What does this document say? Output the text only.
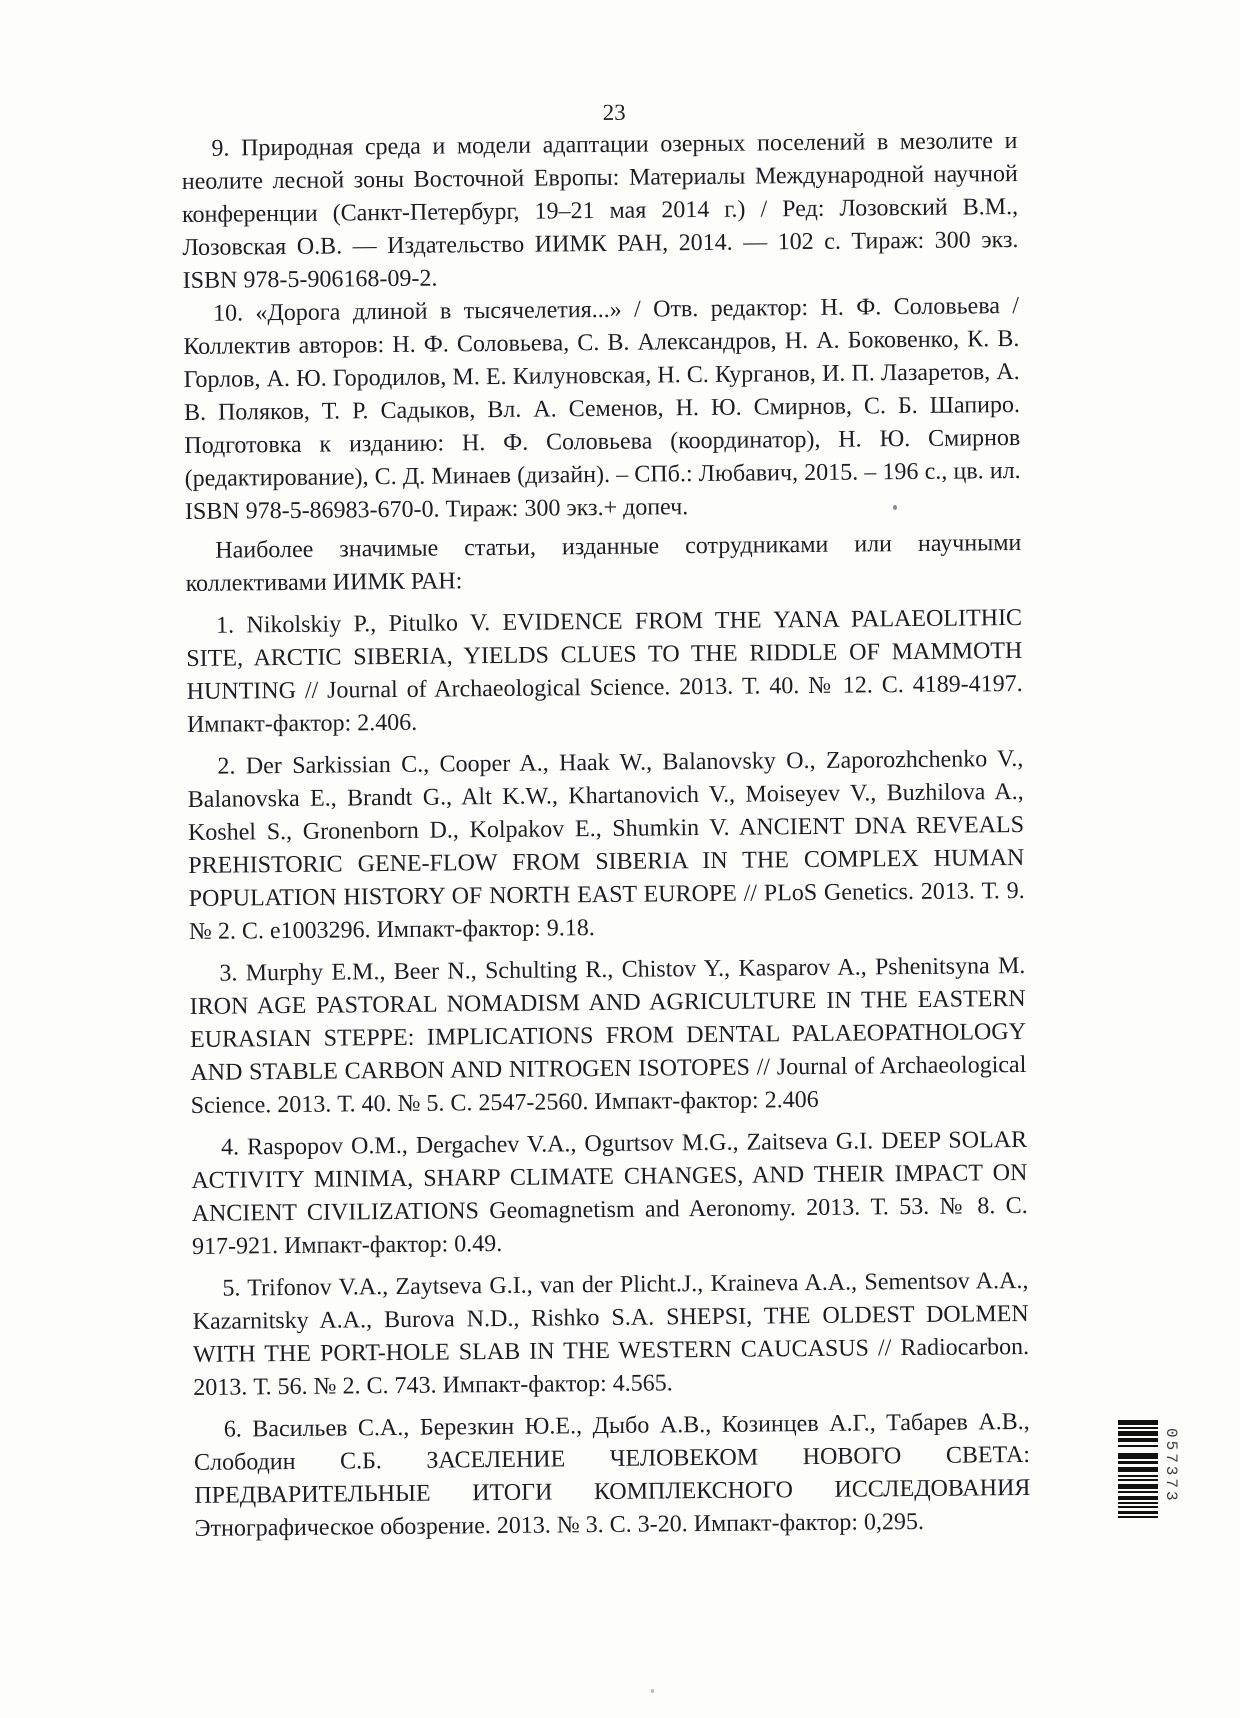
23

9. Природная среда и модели адаптации озерных поселений в мезолите и неолите лесной зоны Восточной Европы: Материалы Международной научной конференции (Санкт-Петербург, 19–21 мая 2014 г.) / Ред: Лозовский В.М., Лозовская О.В. — Издательство ИИМК РАН, 2014. — 102 с. Тираж: 300 экз. ISBN 978-5-906168-09-2.

10. «Дорога длиной в тысячелетия...» / Отв. редактор: Н. Ф. Соловьева / Коллектив авторов: Н. Ф. Соловьева, С. В. Александров, Н. А. Боковенко, К. В. Горлов, А. Ю. Городилов, М. Е. Килуновская, Н. С. Курганов, И. П. Лазаретов, А. В. Поляков, Т. Р. Садыков, Вл. А. Семенов, Н. Ю. Смирнов, С. Б. Шапиро. Подготовка к изданию: Н. Ф. Соловьева (координатор), Н. Ю. Смирнов (редактирование), С. Д. Минаев (дизайн). – СПб.: Любавич, 2015. – 196 с., цв. ил. ISBN 978-5-86983-670-0. Тираж: 300 экз.+ допеч.

Наиболее значимые статьи, изданные сотрудниками или научными коллективами ИИМК РАН:

1. Nikolskiy P., Pitulko V. EVIDENCE FROM THE YANA PALAEOLITHIC SITE, ARCTIC SIBERIA, YIELDS CLUES TO THE RIDDLE OF MAMMOTH HUNTING // Journal of Archaeological Science. 2013. Т. 40. № 12. С. 4189-4197. Импакт-фактор: 2.406.

2. Der Sarkissian C., Cooper A., Haak W., Balanovsky O., Zaporozhchenko V., Balanovska E., Brandt G., Alt K.W., Khartanovich V., Moiseyev V., Buzhilova A., Koshel S., Gronenborn D., Kolpakov E., Shumkin V. ANCIENT DNA REVEALS PREHISTORIC GENE-FLOW FROM SIBERIA IN THE COMPLEX HUMAN POPULATION HISTORY OF NORTH EAST EUROPE // PLoS Genetics. 2013. Т. 9. № 2. С. e1003296. Импакт-фактор: 9.18.

3. Murphy E.M., Beer N., Schulting R., Chistov Y., Kasparov A., Pshenitsyna M. IRON AGE PASTORAL NOMADISM AND AGRICULTURE IN THE EASTERN EURASIAN STEPPE: IMPLICATIONS FROM DENTAL PALAEOPATHOLOGY AND STABLE CARBON AND NITROGEN ISOTOPES // Journal of Archaeological Science. 2013. Т. 40. № 5. С. 2547-2560. Импакт-фактор: 2.406

4. Raspopov O.M., Dergachev V.A., Ogurtsov M.G., Zaitseva G.I. DEEP SOLAR ACTIVITY MINIMA, SHARP CLIMATE CHANGES, AND THEIR IMPACT ON ANCIENT CIVILIZATIONS Geomagnetism and Aeronomy. 2013. Т. 53. № 8. С. 917-921. Импакт-фактор: 0.49.

5. Trifonov V.A., Zaytseva G.I., van der Plicht.J., Kraineva A.A., Sementsov A.A., Kazarnitsky A.A., Burova N.D., Rishko S.A. SHEPSI, THE OLDEST DOLMEN WITH THE PORT-HOLE SLAB IN THE WESTERN CAUCASUS // Radiocarbon. 2013. Т. 56. № 2. С. 743. Импакт-фактор: 4.565.

6. Васильев С.А., Березкин Ю.Е., Дыбо А.В., Козинцев А.Г., Табарев А.В., Слободин С.Б. ЗАСЕЛЕНИЕ ЧЕЛОВЕКОМ НОВОГО СВЕТА: ПРЕДВАРИТЕЛЬНЫЕ ИТОГИ КОМПЛЕКСНОГО ИССЛЕДОВАНИЯ Этнографическое обозрение. 2013. № 3. С. 3-20. Импакт-фактор: 0,295.

057373
